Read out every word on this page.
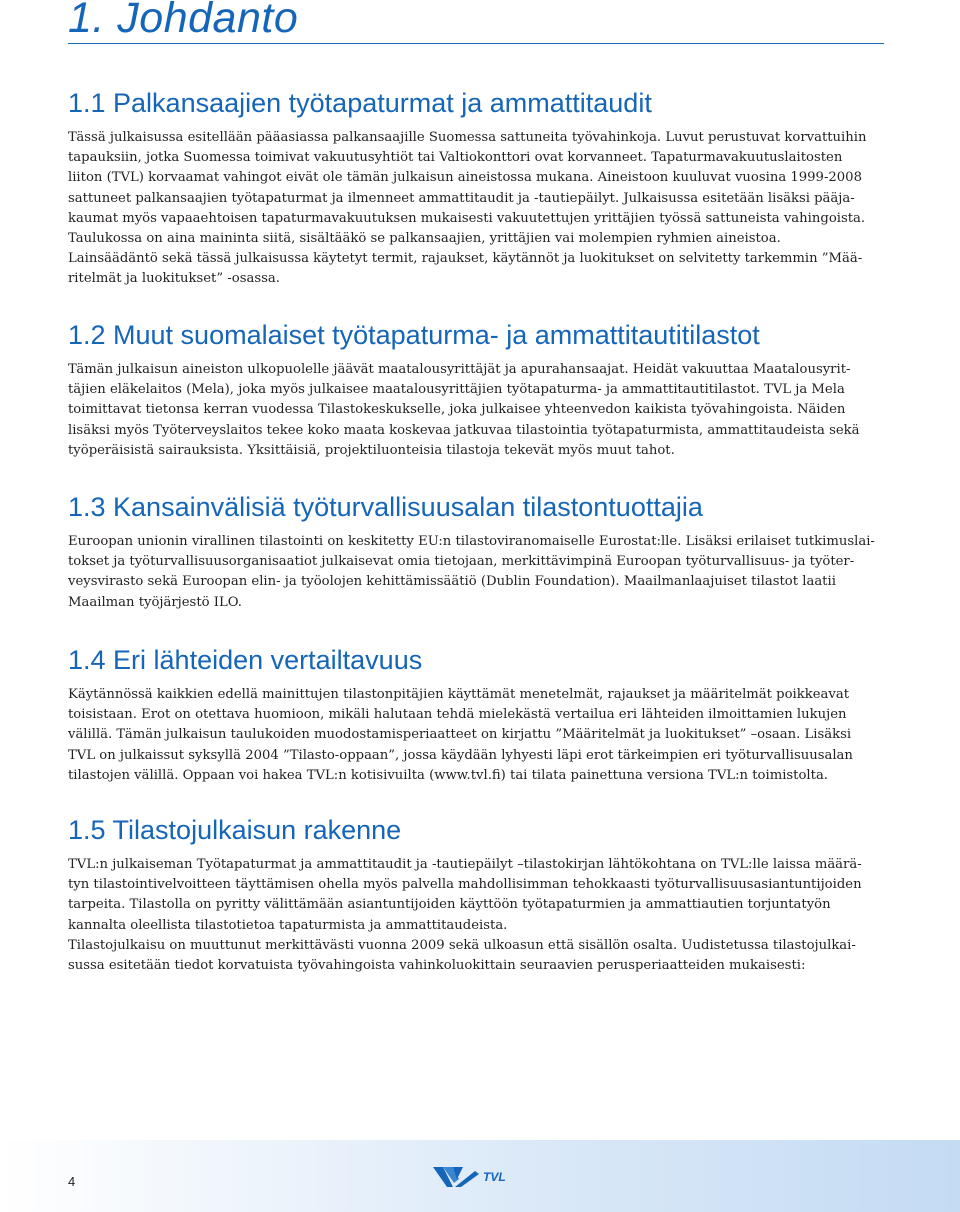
1. Johdanto
1.1 Palkansaajien työtapaturmat ja ammattitaudit

Tässä julkaisussa esitellään pääasiassa palkansaajille Suomessa sattuneita työvahinkoja. Luvut perustuvat korvattuihin
tapauksiin, jotka Suomessa toimivat vakuutusyhtiöt tai Valtiokonttori ovat korvanneet. Tapaturmavakuutuslaitosten
liiton (TVL) korvaamat vahingot eivät ole tämän julkaisun aineistossa mukana. Aineistoon kuuluvat vuosina 1999-2008
sattuneet palkansaajien työtapaturmat ja ilmenneet ammattitaudit ja -tautiepäilyt. Julkaisussa esitetään lisäksi pääja-
kaumat myös vapaaehtoisen tapaturmavakuutuksen mukaisesti vakuutettujen yrittäjien työssä sattuneista vahingoista.
Taulukossa on aina maininta siitä, sisältääkö se palkansaajien, yrittäjien vai molempien ryhmien aineistoa.
Lainsäädäntö sekä tässä julkaisussa käytetyt termit, rajaukset, käytännöt ja luokitukset on selvitetty tarkemmin ”Mää-
ritelmät ja luokitukset” -osassa.

1.2 Muut suomalaiset työtapaturma- ja ammattitautitilastot

Tämän julkaisun aineiston ulkopuolelle jäävät maatalousyrittäjät ja apurahansaajat. Heidät vakuuttaa Maatalousyrit-
täjien eläkelaitos (Mela), joka myös julkaisee maatalousyrittäjien työtapaturma- ja ammattitautitilastot. TVL ja Mela
toimittavat tietonsa kerran vuodessa Tilastokeskukselle, joka julkaisee yhteenvedon kaikista työvahingoista. Näiden
lisäksi myös Työterveyslaitos tekee koko maata koskevaa jatkuvaa tilastointia työtapaturmista, ammattitaudeista sekä
työperäisistä sairauksista. Yksittäisiä, projektiluonteisia tilastoja tekevät myös muut tahot.

1.3 Kansainvälisiä työturvallisuusalan tilastontuottajia

Euroopan unionin virallinen tilastointi on keskitetty EU:n tilastoviranomaiselle Eurostat:lle. Lisäksi erilaiset tutkimuslai-
tokset ja työturvallisuusorganisaatiot julkaisevat omia tietojaan, merkittävimpinä Euroopan työturvallisuus- ja työter-
veysvirasto sekä Euroopan elin- ja työolojen kehittämissäätiö (Dublin Foundation). Maailmanlaajuiset tilastot laatii
Maailman työjärjestö ILO.

1.4 Eri lähteiden vertailtavuus

Käytännössä kaikkien edellä mainittujen tilastonpitäjien käyttämät menetelmät, rajaukset ja määritelmät poikkeavat
toisistaan. Erot on otettava huomioon, mikäli halutaan tehdä mielekästä vertailua eri lähteiden ilmoittamien lukujen
välillä. Tämän julkaisun taulukoiden muodostamisperiaatteet on kirjattu ”Määritelmät ja luokitukset” –osaan. Lisäksi
TVL on julkaissut syksyllä 2004 ”Tilasto-oppaan”, jossa käydään lyhyesti läpi erot tärkeimpien eri työturvallisuusalan
tilastojen välillä. Oppaan voi hakea TVL:n kotisivuilta (www.tvl.fi) tai tilata painettuna versiona TVL:n toimistolta.

1.5 Tilastojulkaisun rakenne

TVL:n julkaiseman Työtapaturmat ja ammattitaudit ja -tautiepäilyt –tilastokirjan lähtökohtana on TVL:lle laissa määrä-
tyn tilastointivelvoitteen täyttämisen ohella myös palvella mahdollisimman tehokkaasti työturvallisuusasiantuntijoiden
tarpeita. Tilastolla on pyritty välittämään asiantuntijoiden käyttöön työtapaturmien ja ammattiautien torjuntatyön
kannalta oleellista tilastotietoa tapaturmista ja ammattitaudeista.
Tilastojulkaisu on muuttunut merkittävästi vuonna 2009 sekä ulkoasun että sisällön osalta. Uudistetussa tilastojulkai-
sussa esitetään tiedot korvatuista työvahingoista vahinkoluokittain seuraavien perusperiaatteiden mukaisesti:

4	TVL
